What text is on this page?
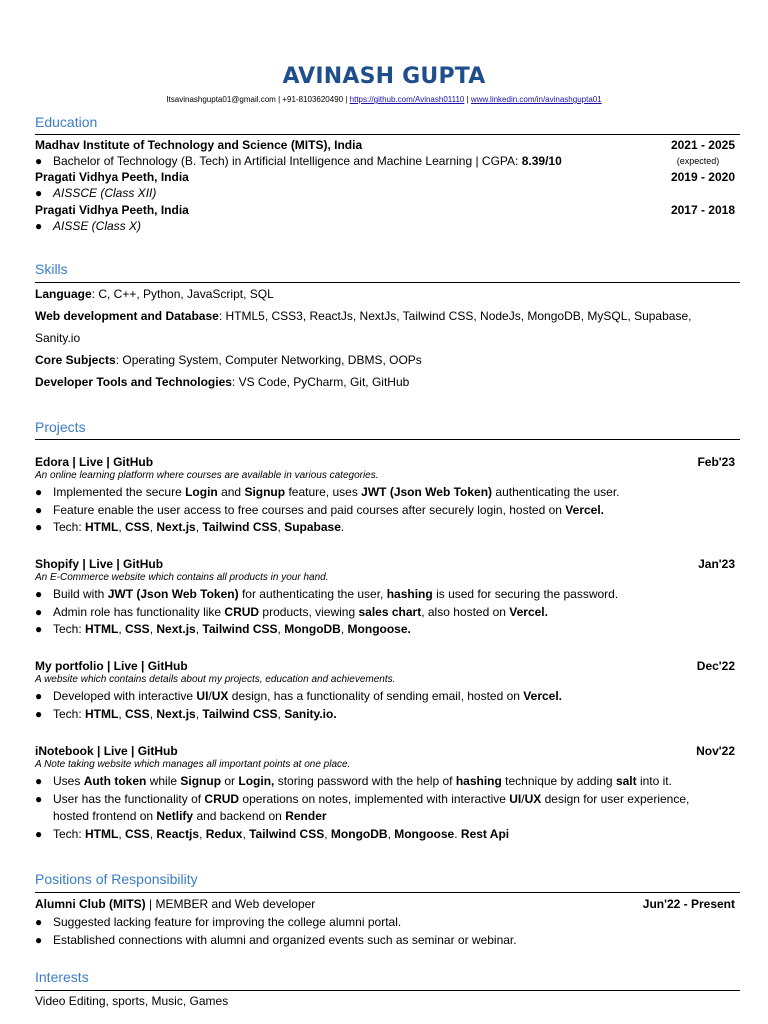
AVINASH GUPTA
Itsavinashgupta01@gmail.com | +91-8103620490 | https://github.com/Avinash01110 | www.linkedin.com/in/avinashgupta01
Education
Madhav Institute of Technology and Science (MITS), India	2021 - 2025
● Bachelor of Technology (B. Tech) in Artificial Intelligence and Machine Learning | CGPA: 8.39/10	(expected)
Pragati Vidhya Peeth, India	2019 - 2020
● AISSCE (Class XII)
Pragati Vidhya Peeth, India	2017 - 2018
● AISSE (Class X)
Skills
Language: C, C++, Python, JavaScript, SQL
Web development and Database: HTML5, CSS3, ReactJs, NextJs, Tailwind CSS, NodeJs, MongoDB, MySQL, Supabase,
Sanity.io
Core Subjects: Operating System, Computer Networking, DBMS, OOPs
Developer Tools and Technologies: VS Code, PyCharm, Git, GitHub
Projects
Edora | Live | GitHub	Feb'23
An online learning platform where courses are available in various categories.
● Implemented the secure Login and Signup feature, uses JWT (Json Web Token) authenticating the user.
● Feature enable the user access to free courses and paid courses after securely login, hosted on Vercel.
● Tech: HTML, CSS, Next.js, Tailwind CSS, Supabase.
Shopify | Live | GitHub	Jan'23
An E-Commerce website which contains all products in your hand.
● Build with JWT (Json Web Token) for authenticating the user, hashing is used for securing the password.
● Admin role has functionality like CRUD products, viewing sales chart, also hosted on Vercel.
● Tech: HTML, CSS, Next.js, Tailwind CSS, MongoDB, Mongoose.
My portfolio | Live | GitHub	Dec'22
A website which contains details about my projects, education and achievements.
● Developed with interactive UI/UX design, has a functionality of sending email, hosted on Vercel.
● Tech: HTML, CSS, Next.js, Tailwind CSS, Sanity.io.
iNotebook | Live | GitHub	Nov'22
A Note taking website which manages all important points at one place.
● Uses Auth token while Signup or Login, storing password with the help of hashing technique by adding salt into it.
● User has the functionality of CRUD operations on notes, implemented with interactive UI/UX design for user experience,
hosted frontend on Netlify and backend on Render
● Tech: HTML, CSS, Reactjs, Redux, Tailwind CSS, MongoDB, Mongoose. Rest Api
Positions of Responsibility
Alumni Club (MITS) | MEMBER and Web developer	Jun'22 - Present
● Suggested lacking feature for improving the college alumni portal.
● Established connections with alumni and organized events such as seminar or webinar.
Interests
Video Editing, sports, Music, Games
